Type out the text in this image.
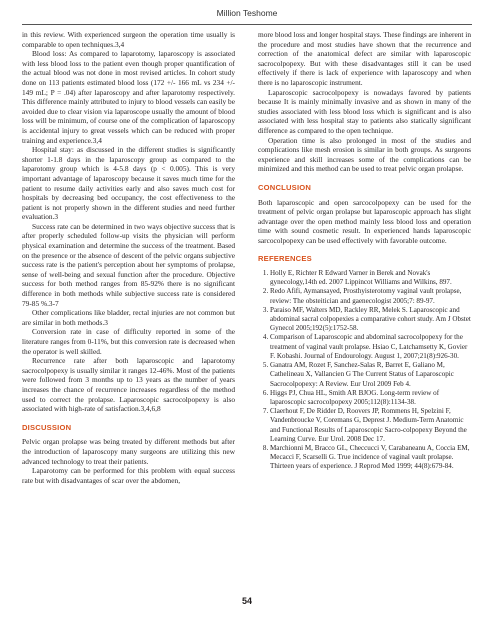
Million Teshome

in this review. With experienced surgeon the operation time usually is comparable to open techniques.3,4

Blood loss: As compared to laparotomy, laparoscopy is associated with less blood loss to the patient even though proper quantification of the actual blood was not done in most revised articles. In cohort study done on 113 patients estimated blood loss (172 +/- 166 mL vs 234 +/- 149 mL; P = .04) after laparoscopy and after laparotomy respectively. This difference mainly attributed to injury to blood vessels can easily be avoided due to clear vision via laparoscope usually the amount of blood loss will be minimum, of course one of the complication of laparoscopy is accidental injury to great vessels which can be reduced with proper training and experience.3,4

Hospital stay: as discussed in the different studies is significantly shorter 1-1.8 days in the laparoscopy group as compared to the laparotomy group which is 4-5.8 days (p < 0.005). This is very important advantage of laparoscopy because it saves much time for the patient to resume daily activities early and also saves much cost for hospitals by decreasing bed occupancy, the cost effectiveness to the patient is not properly shown in the different studies and need further evaluation.3

Success rate can be determined in two ways objective success that is after properly scheduled follow-up visits the physician will perform physical examination and determine the success of the treatment. Based on the presence or the absence of descent of the pelvic organs subjective success rate is the patient's perception about her symptoms of prolapse, sense of well-being and sexual function after the procedure. Objective success for both method ranges from 85-92% there is no significant difference in both methods while subjective success rate is considered 79-85 %.3-7

Other complications like bladder, rectal injuries are not common but are similar in both methods.3

Conversion rate in case of difficulty reported in some of the literature ranges from 0-11%, but this conversion rate is decreased when the operator is well skilled.

Recurrence rate after both laparoscopic and laparotomy sacrocolpopexy is usually similar it ranges 12-46%. Most of the patients were followed from 3 months up to 13 years as the number of years increases the chance of recurrence increases regardless of the method used to correct the prolapse. Laparoscopic sacrocolpopexy is also associated with high-rate of satisfaction.3,4,6,8

DISCUSSION

Pelvic organ prolapse was being treated by different methods but after the introduction of laparoscopy many surgeons are utilizing this new advanced technology to treat their patients.

Laparotomy can be performed for this problem with equal success rate but with disadvantages of scar over the abdomen,

more blood loss and longer hospital stays. These findings are inherent in the procedure and most studies have shown that the recurrence and correction of the anatomical defect are similar with laparoscopic sacrocolpopexy. But with these disadvantages still it can be used effectively if there is lack of experience with laparoscopy and when there is no laparoscopic instrument.

Laparoscopic sacrocolpopexy is nowadays favored by patients because It is mainly minimally invasive and as shown in many of the studies associated with less blood loss which is significant and is also associated with less hospital stay to patients also statically significant difference as compared to the open technique.

Operation time is also prolonged in most of the studies and complications like mesh erosion is similar in both groups. As surgeons experience and skill increases some of the complications can be minimized and this method can be used to treat pelvic organ prolapse.

CONCLUSION

Both laparoscopic and open sarcocolpopexy can be used for the treatment of pelvic organ prolapse but laparoscopic approach has slight advantage over the open method mainly less blood loss and operation time with sound cosmetic result. In experienced hands laparoscopic sarcocolpopexy can be used effectively with favorable outcome.

REFERENCES
1. Holly E, Richter R Edward Varner in Berek and Novak's gynecology,14th ed. 2007 Lippincot Williams and Wilkins, 897.
2. Redo Afifi, Aymansayed, Prosthyisterotomy vaginal vault prolapse, review: The obsteitician and gaenecologist 2005;7: 89-97.
3. Paraiso MF, Walters MD, Rackley RR, Melek S. Laparoscopic and abdominal sacral colpopexies a comparative cohort study. Am J Obstet Gynecol 2005;192(5):1752-58.
4. Comparison of Laparoscopic and abdominal sacrocolpopexy for the treatment of vaginal vault prolapse. Hsiao C, Latchamsetty K, Govier F. Kobashi. Journal of Endourology. August 1, 2007;21(8):926-30.
5. Ganatra AM, Rozet F, Sanchez-Salas R, Barret E, Galiano M, Cathelineau X, Vallancien G The Current Status of Laparoscopic Sacrocolpopexy: A Review. Eur Urol 2009 Feb 4.
6. Higgs PJ, Chua HL, Smith AR BJOG. Long-term review of laparoscopic sacrocolpopexy 2005;112(8):1134-38.
7. Claerhout F, De Ridder D, Roovers JP, Rommens H, Spelzini F, Vandenbroucke V, Coremans G, Deprest J. Medium-Term Anatomic and Functional Results of Laparoscopic Sacro-colpopexy Beyond the Learning Curve. Eur Urol. 2008 Dec 17.
8. Marchionni M, Bracco GL, Checcucci V, Carabaneanu A, Coccia EM, Mecacci F, Scarselli G. True incidence of vaginal vault prolapse. Thirteen years of experience. J Reprod Med 1999; 44(8):679-84.
54
